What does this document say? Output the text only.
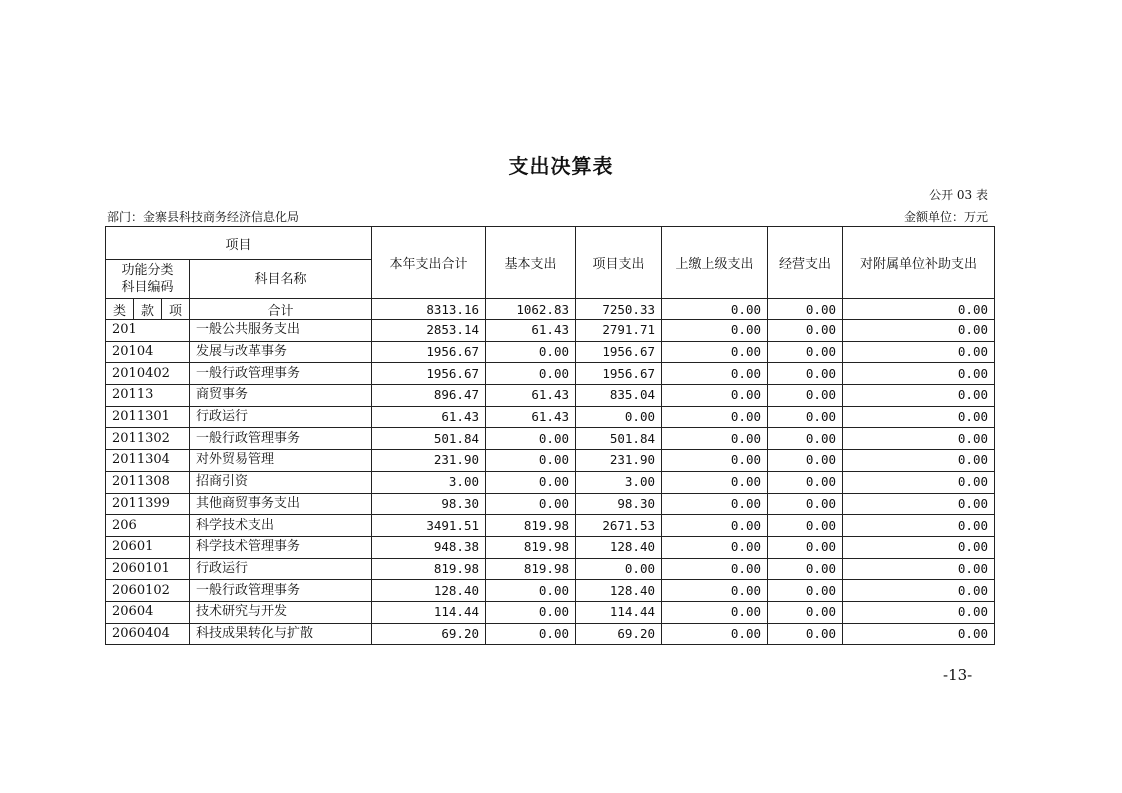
支出决算表
公开 03 表
部门：金寨县科技商务经济信息化局	金额单位：万元
项目				本年支出合计	基本支出	项目支出	上缴上级支出	经营支出	对附属单位补助支出
功能分类
科目编码			科目名称						
类	款	项	合计	8313.16	1062.83	7250.33	0.00	0.00	0.00
201			一般公共服务支出	2853.14	61.43	2791.71	0.00	0.00	0.00
20104			发展与改革事务	1956.67	0.00	1956.67	0.00	0.00	0.00
2010402			一般行政管理事务	1956.67	0.00	1956.67	0.00	0.00	0.00
20113			商贸事务	896.47	61.43	835.04	0.00	0.00	0.00
2011301			行政运行	61.43	61.43	0.00	0.00	0.00	0.00
2011302			一般行政管理事务	501.84	0.00	501.84	0.00	0.00	0.00
2011304			对外贸易管理	231.90	0.00	231.90	0.00	0.00	0.00
2011308			招商引资	3.00	0.00	3.00	0.00	0.00	0.00
2011399			其他商贸事务支出	98.30	0.00	98.30	0.00	0.00	0.00
206			科学技术支出	3491.51	819.98	2671.53	0.00	0.00	0.00
20601			科学技术管理事务	948.38	819.98	128.40	0.00	0.00	0.00
2060101			行政运行	819.98	819.98	0.00	0.00	0.00	0.00
2060102			一般行政管理事务	128.40	0.00	128.40	0.00	0.00	0.00
20604			技术研究与开发	114.44	0.00	114.44	0.00	0.00	0.00
2060404			科技成果转化与扩散	69.20	0.00	69.20	0.00	0.00	0.00
-13-
